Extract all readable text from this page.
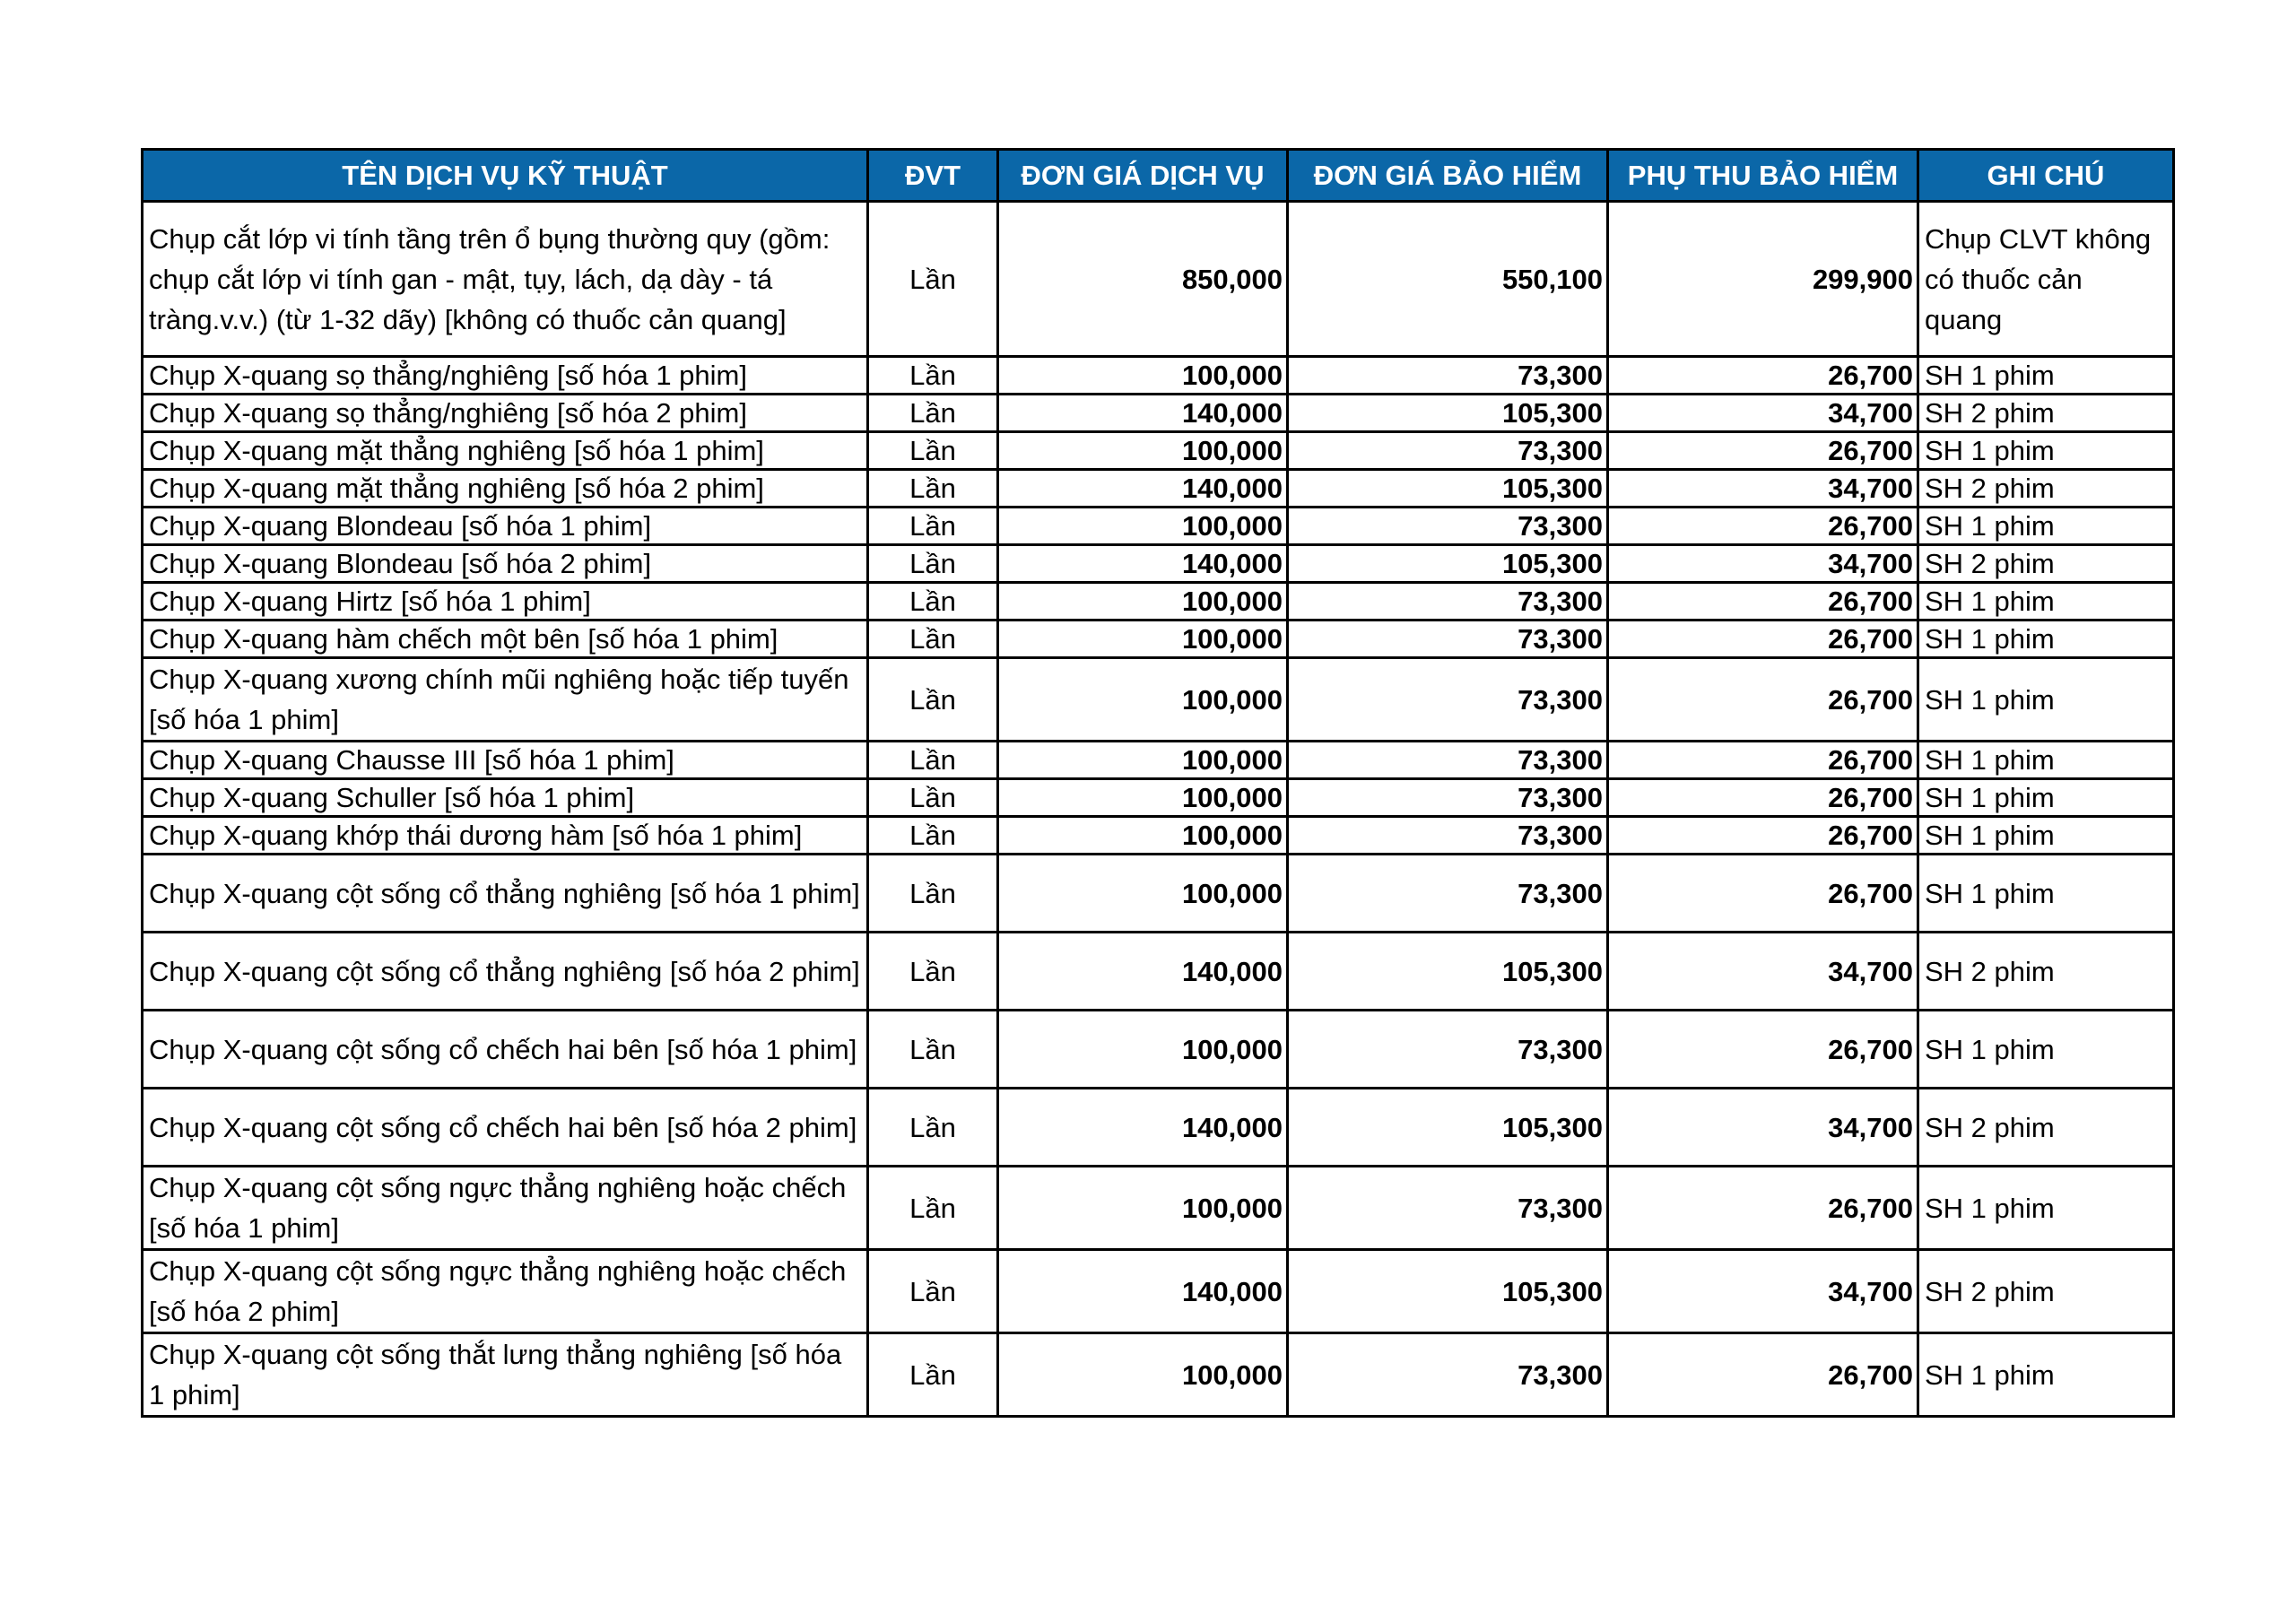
TÊN DỊCH VỤ KỸ THUẬT	ĐVT	ĐƠN GIÁ DỊCH VỤ	ĐƠN GIÁ BẢO HIỂM	PHỤ THU BẢO HIỂM	GHI CHÚ
Chụp cắt lớp vi tính tầng trên ổ bụng thường quy (gồm: chụp cắt lớp vi tính gan - mật, tụy, lách, dạ dày - tá tràng.v.v.) (từ 1-32 dãy) [không có thuốc cản quang]	Lần	850,000	550,100	299,900	Chụp CLVT không có thuốc cản quang
Chụp X-quang sọ thẳng/nghiêng [số hóa 1 phim]	Lần	100,000	73,300	26,700	SH 1 phim
Chụp X-quang sọ thẳng/nghiêng [số hóa 2 phim]	Lần	140,000	105,300	34,700	SH 2 phim
Chụp X-quang mặt thẳng nghiêng [số hóa 1 phim]	Lần	100,000	73,300	26,700	SH 1 phim
Chụp X-quang mặt thẳng nghiêng [số hóa 2 phim]	Lần	140,000	105,300	34,700	SH 2 phim
Chụp X-quang Blondeau [số hóa 1 phim]	Lần	100,000	73,300	26,700	SH 1 phim
Chụp X-quang Blondeau [số hóa 2 phim]	Lần	140,000	105,300	34,700	SH 2 phim
Chụp X-quang Hirtz [số hóa 1 phim]	Lần	100,000	73,300	26,700	SH 1 phim
Chụp X-quang hàm chếch một bên [số hóa 1 phim]	Lần	100,000	73,300	26,700	SH 1 phim
Chụp X-quang xương chính mũi nghiêng hoặc tiếp tuyến [số hóa 1 phim]	Lần	100,000	73,300	26,700	SH 1 phim
Chụp X-quang Chausse III [số hóa 1 phim]	Lần	100,000	73,300	26,700	SH 1 phim
Chụp X-quang Schuller [số hóa 1 phim]	Lần	100,000	73,300	26,700	SH 1 phim
Chụp X-quang khớp thái dương hàm [số hóa 1 phim]	Lần	100,000	73,300	26,700	SH 1 phim
Chụp X-quang cột sống cổ thẳng nghiêng [số hóa 1 phim]	Lần	100,000	73,300	26,700	SH 1 phim
Chụp X-quang cột sống cổ thẳng nghiêng [số hóa 2 phim]	Lần	140,000	105,300	34,700	SH 2 phim
Chụp X-quang cột sống cổ chếch hai bên [số hóa 1 phim]	Lần	100,000	73,300	26,700	SH 1 phim
Chụp X-quang cột sống cổ chếch hai bên [số hóa 2 phim]	Lần	140,000	105,300	34,700	SH 2 phim
Chụp X-quang cột sống ngực thẳng nghiêng hoặc chếch [số hóa 1 phim]	Lần	100,000	73,300	26,700	SH 1 phim
Chụp X-quang cột sống ngực thẳng nghiêng hoặc chếch [số hóa 2 phim]	Lần	140,000	105,300	34,700	SH 2 phim
Chụp X-quang cột sống thắt lưng thẳng nghiêng [số hóa 1 phim]	Lần	100,000	73,300	26,700	SH 1 phim
